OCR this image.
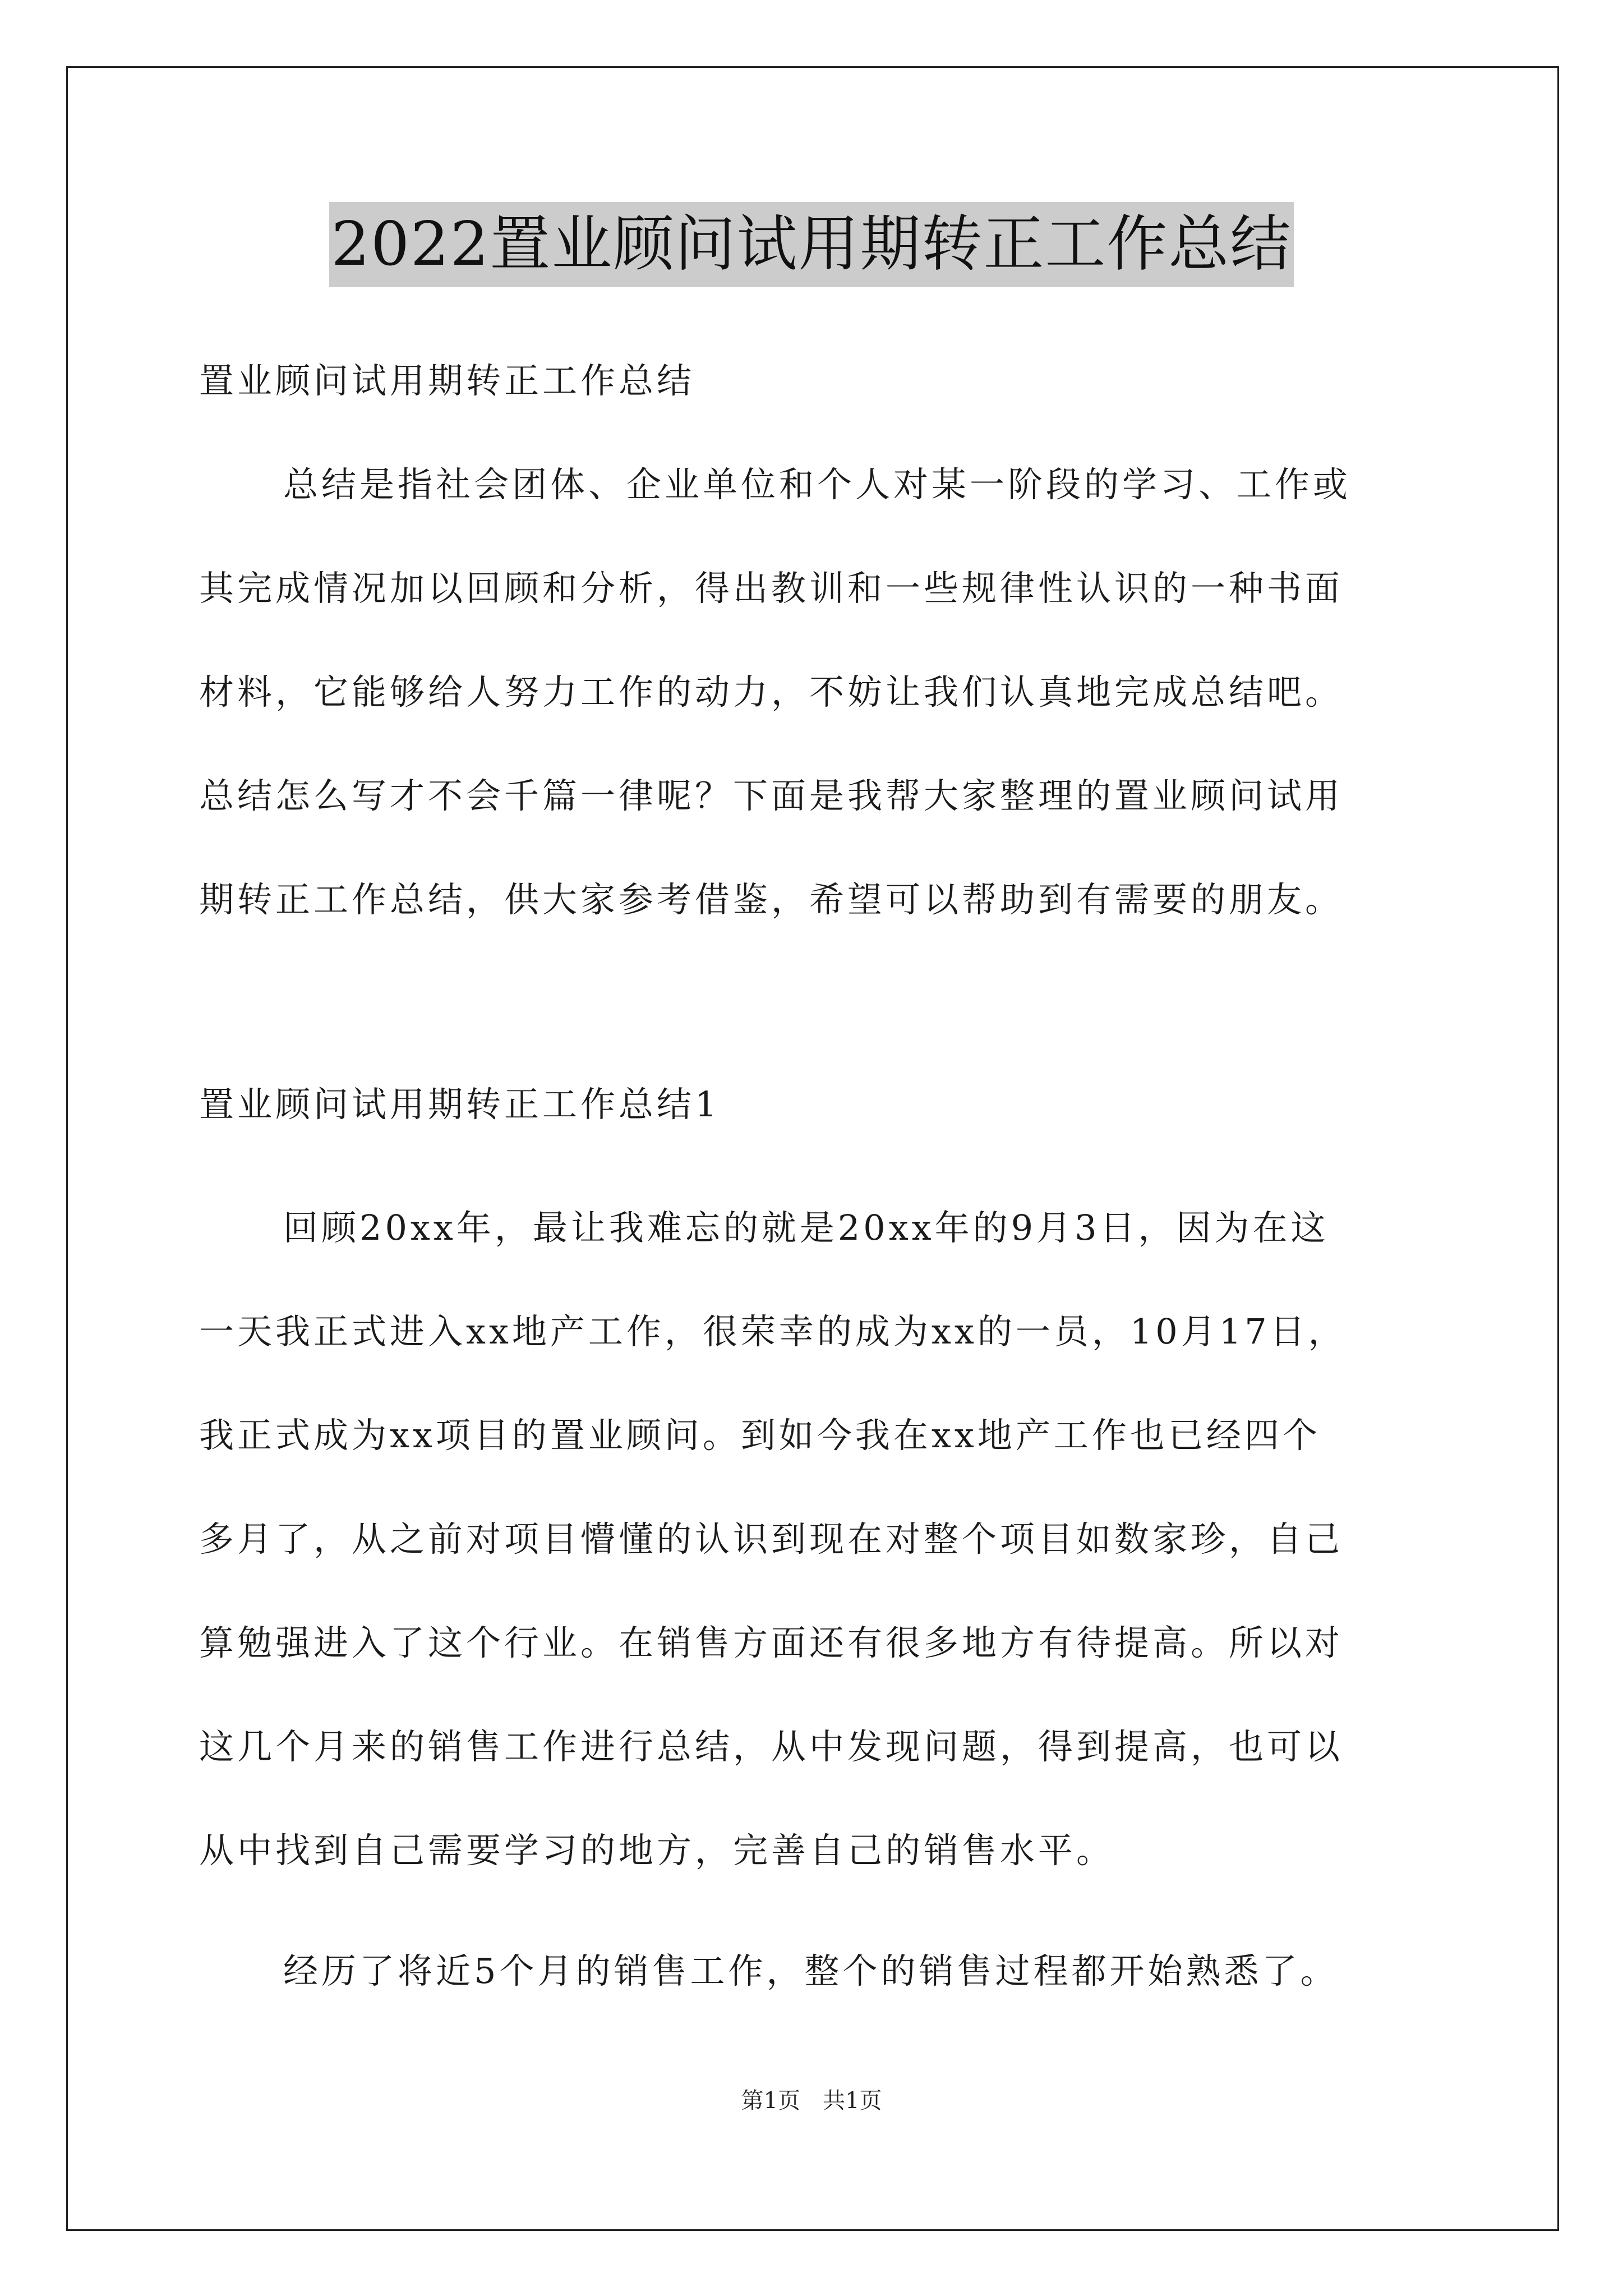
2022置业顾问试用期转正工作总结
置业顾问试用期转正工作总结
总结是指社会团体、企业单位和个人对某一阶段的学习、工作或
其完成情况加以回顾和分析，得出教训和一些规律性认识的一种书面
材料，它能够给人努力工作的动力，不妨让我们认真地完成总结吧。
总结怎么写才不会千篇一律呢？下面是我帮大家整理的置业顾问试用
期转正工作总结，供大家参考借鉴，希望可以帮助到有需要的朋友。
置业顾问试用期转正工作总结1
回顾20xx年，最让我难忘的就是20xx年的9月3日，因为在这
一天我正式进入xx地产工作，很荣幸的成为xx的一员，10月17日，
我正式成为xx项目的置业顾问。到如今我在xx地产工作也已经四个
多月了，从之前对项目懵懂的认识到现在对整个项目如数家珍，自己
算勉强进入了这个行业。在销售方面还有很多地方有待提高。所以对
这几个月来的销售工作进行总结，从中发现问题，得到提高，也可以
从中找到自己需要学习的地方，完善自己的销售水平。
经历了将近5个月的销售工作，整个的销售过程都开始熟悉了。
第1页　共1页
